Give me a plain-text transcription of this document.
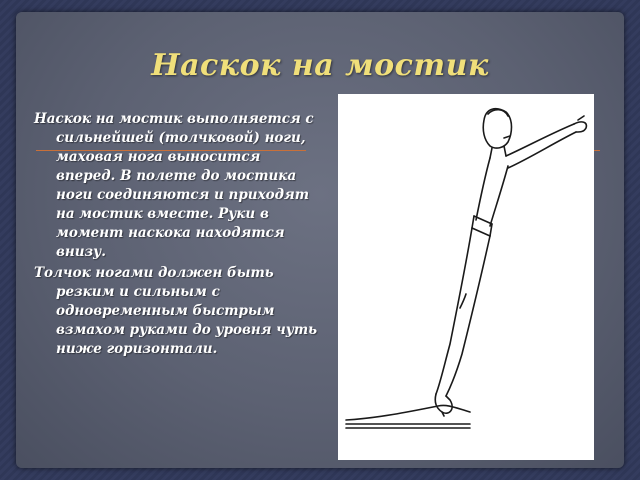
Наскок на мостик

Наскок на мостик выполняется с сильнейшей (толчковой) ноги, маховая нога выносится вперед. В полете до мостика ноги соединяются и приходят на мостик вместе. Руки в момент наскока находятся внизу.

Толчок ногами должен быть резким и сильным с одновременным быстрым взмахом руками до уровня чуть ниже горизонтали.
